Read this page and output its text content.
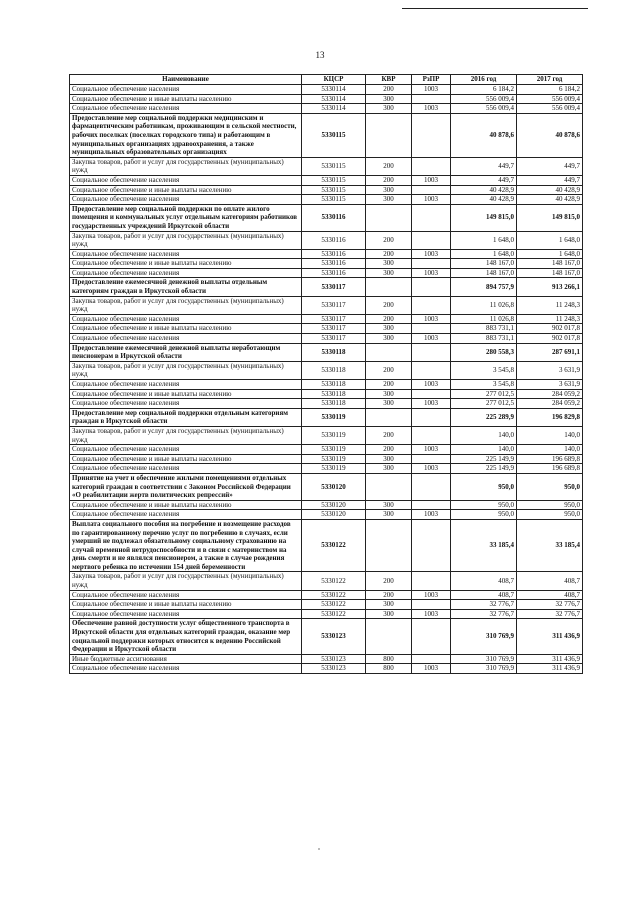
13
Наименование	КЦСР	КВР	РзПР	2016 год	2017 год
Социальное обеспечение населения	5330114	200	1003	6 184,2	6 184,2
Социальное обеспечение и иные выплаты населению	5330114	300		556 009,4	556 009,4
Социальное обеспечение населения	5330114	300	1003	556 009,4	556 009,4
Предоставление мер социальной поддержки медицинским и фармацевтическим работникам, проживающим в сельской местности, рабочих поселках (поселках городского типа) и работающим в муниципальных организациях здравоохранения, а также муниципальных образовательных организациях	5330115			40 878,6	40 878,6
Закупка товаров, работ и услуг для государственных (муниципальных) нужд	5330115	200		449,7	449,7
Социальное обеспечение населения	5330115	200	1003	449,7	449,7
Социальное обеспечение и иные выплаты населению	5330115	300		40 428,9	40 428,9
Социальное обеспечение населения	5330115	300	1003	40 428,9	40 428,9
Предоставление мер социальной поддержки по оплате жилого помещения и коммунальных услуг отдельным категориям работников государственных учреждений Иркутской области	5330116			149 815,0	149 815,0
Закупка товаров, работ и услуг для государственных (муниципальных) нужд	5330116	200		1 648,0	1 648,0
Социальное обеспечение населения	5330116	200	1003	1 648,0	1 648,0
Социальное обеспечение и иные выплаты населению	5330116	300		148 167,0	148 167,0
Социальное обеспечение населения	5330116	300	1003	148 167,0	148 167,0
Предоставление ежемесячной денежной выплаты отдельным категориям граждан в Иркутской области	5330117			894 757,9	913 266,1
Закупка товаров, работ и услуг для государственных (муниципальных) нужд	5330117	200		11 026,8	11 248,3
Социальное обеспечение населения	5330117	200	1003	11 026,8	11 248,3
Социальное обеспечение и иные выплаты населению	5330117	300		883 731,1	902 017,8
Социальное обеспечение населения	5330117	300	1003	883 731,1	902 017,8
Предоставление ежемесячной денежной выплаты неработающим пенсионерам в Иркутской области	5330118			280 558,3	287 691,1
Закупка товаров, работ и услуг для государственных (муниципальных) нужд	5330118	200		3 545,8	3 631,9
Социальное обеспечение населения	5330118	200	1003	3 545,8	3 631,9
Социальное обеспечение и иные выплаты населению	5330118	300		277 012,5	284 059,2
Социальное обеспечение населения	5330118	300	1003	277 012,5	284 059,2
Предоставление мер социальной поддержки отдельным категориям граждан в Иркутской области	5330119			225 289,9	196 829,8
Закупка товаров, работ и услуг для государственных (муниципальных) нужд	5330119	200		140,0	140,0
Социальное обеспечение населения	5330119	200	1003	140,0	140,0
Социальное обеспечение и иные выплаты населению	5330119	300		225 149,9	196 689,8
Социальное обеспечение населения	5330119	300	1003	225 149,9	196 689,8
Принятие на учет и обеспечение жилыми помещениями отдельных категорий граждан в соответствии с Законом Российской Федерации «О реабилитации жертв политических репрессий»	5330120			950,0	950,0
Социальное обеспечение и иные выплаты населению	5330120	300		950,0	950,0
Социальное обеспечение населения	5330120	300	1003	950,0	950,0
Выплата социального пособия на погребение и возмещение расходов по гарантированному перечню услуг по погребению в случаях, если умерший не подлежал обязательному социальному страхованию на случай временной нетрудоспособности и в связи с материнством на день смерти и не являлся пенсионером, а также в случае рождения мертвого ребенка по истечении 154 дней беременности	5330122			33 185,4	33 185,4
Закупка товаров, работ и услуг для государственных (муниципальных) нужд	5330122	200		408,7	408,7
Социальное обеспечение населения	5330122	200	1003	408,7	408,7
Социальное обеспечение и иные выплаты населению	5330122	300		32 776,7	32 776,7
Социальное обеспечение населения	5330122	300	1003	32 776,7	32 776,7
Обеспечение равной доступности услуг общественного транспорта в Иркутской области для отдельных категорий граждан, оказание мер социальной поддержки которых относится к ведению Российской Федерации и Иркутской области	5330123			310 769,9	311 436,9
Иные бюджетные ассигнования	5330123	800		310 769,9	311 436,9
Социальное обеспечение населения	5330123	800	1003	310 769,9	311 436,9
